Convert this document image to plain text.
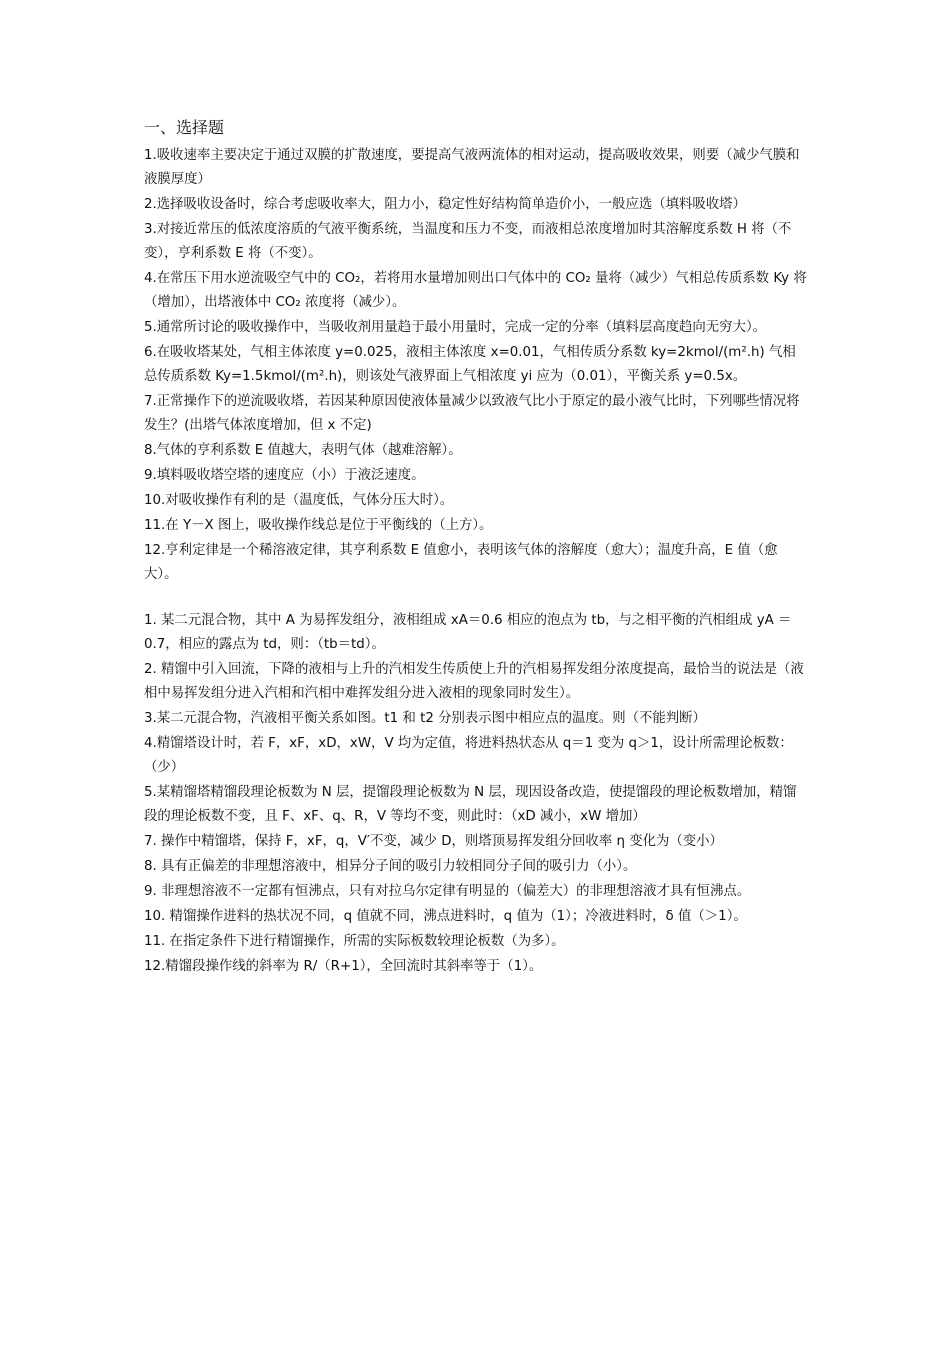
一、选择题
1.吸收速率主要决定于通过双膜的扩散速度，要提高气液两流体的相对运动，提高吸收效果，则要（减少气膜和液膜厚度）
2.选择吸收设备时，综合考虑吸收率大，阻力小，稳定性好结构简单造价小，一般应选（填料吸收塔）
3.对接近常压的低浓度溶质的气液平衡系统，当温度和压力不变，而液相总浓度增加时其溶解度系数 H 将（不变），亨利系数 E 将（不变）。
4.在常压下用水逆流吸空气中的 CO₂，若将用水量增加则出口气体中的 CO₂ 量将（减少）气相总传质系数 Ky 将（增加），出塔液体中 CO₂ 浓度将（减少）。
5.通常所讨论的吸收操作中，当吸收剂用量趋于最小用量时，完成一定的分率（填料层高度趋向无穷大）。
6.在吸收塔某处，气相主体浓度 y=0.025，液相主体浓度 x=0.01，气相传质分系数 ky=2kmol/(m².h) 气相总传质系数 Ky=1.5kmol/(m².h)，则该处气液界面上气相浓度 yi 应为（0.01），平衡关系 y=0.5x。
7.正常操作下的逆流吸收塔，若因某种原因使液体量减少以致液气比小于原定的最小液气比时，下列哪些情况将发生？(出塔气体浓度增加，但 x 不定)
8.气体的亨利系数 E 值越大，表明气体（越难溶解）。
9.填料吸收塔空塔的速度应（小）于液泛速度。
10.对吸收操作有利的是（温度低，气体分压大时）。
11.在 Y－X 图上，吸收操作线总是位于平衡线的（上方）。
12.亨利定律是一个稀溶液定律，其亨利系数 E 值愈小，表明该气体的溶解度（愈大）；温度升高，E 值（愈大）。
1. 某二元混合物，其中 A 为易挥发组分，液相组成 xA＝0.6 相应的泡点为 tb，与之相平衡的汽相组成 yA ＝0.7，相应的露点为 td，则：（tb＝td）。
2. 精馏中引入回流，下降的液相与上升的汽相发生传质使上升的汽相易挥发组分浓度提高，最恰当的说法是（液相中易挥发组分进入汽相和汽相中难挥发组分进入液相的现象同时发生）。
3.某二元混合物，汽液相平衡关系如图。t1 和 t2 分别表示图中相应点的温度。则（不能判断）
4.精馏塔设计时，若 F，xF，xD，xW，V 均为定值，将进料热状态从 q＝1 变为 q＞1，设计所需理论板数：（少）
5.某精馏塔精馏段理论板数为 N 层，提馏段理论板数为 N 层，现因设备改造，使提馏段的理论板数增加，精馏段的理论板数不变，且 F、xF、q、R，V 等均不变，则此时：（xD 减小，xW 增加）
7. 操作中精馏塔，保持 F，xF，q，V′不变，减少 D，则塔顶易挥发组分回收率 η 变化为（变小）
8. 具有正偏差的非理想溶液中，相异分子间的吸引力较相同分子间的吸引力（小）。
9. 非理想溶液不一定都有恒沸点，只有对拉乌尔定律有明显的（偏差大）的非理想溶液才具有恒沸点。
10. 精馏操作进料的热状况不同，q 值就不同，沸点进料时，q 值为（1）；冷液进料时，δ 值（＞1）。
11. 在指定条件下进行精馏操作，所需的实际板数较理论板数（为多）。
12.精馏段操作线的斜率为 R/（R+1），全回流时其斜率等于（1）。
